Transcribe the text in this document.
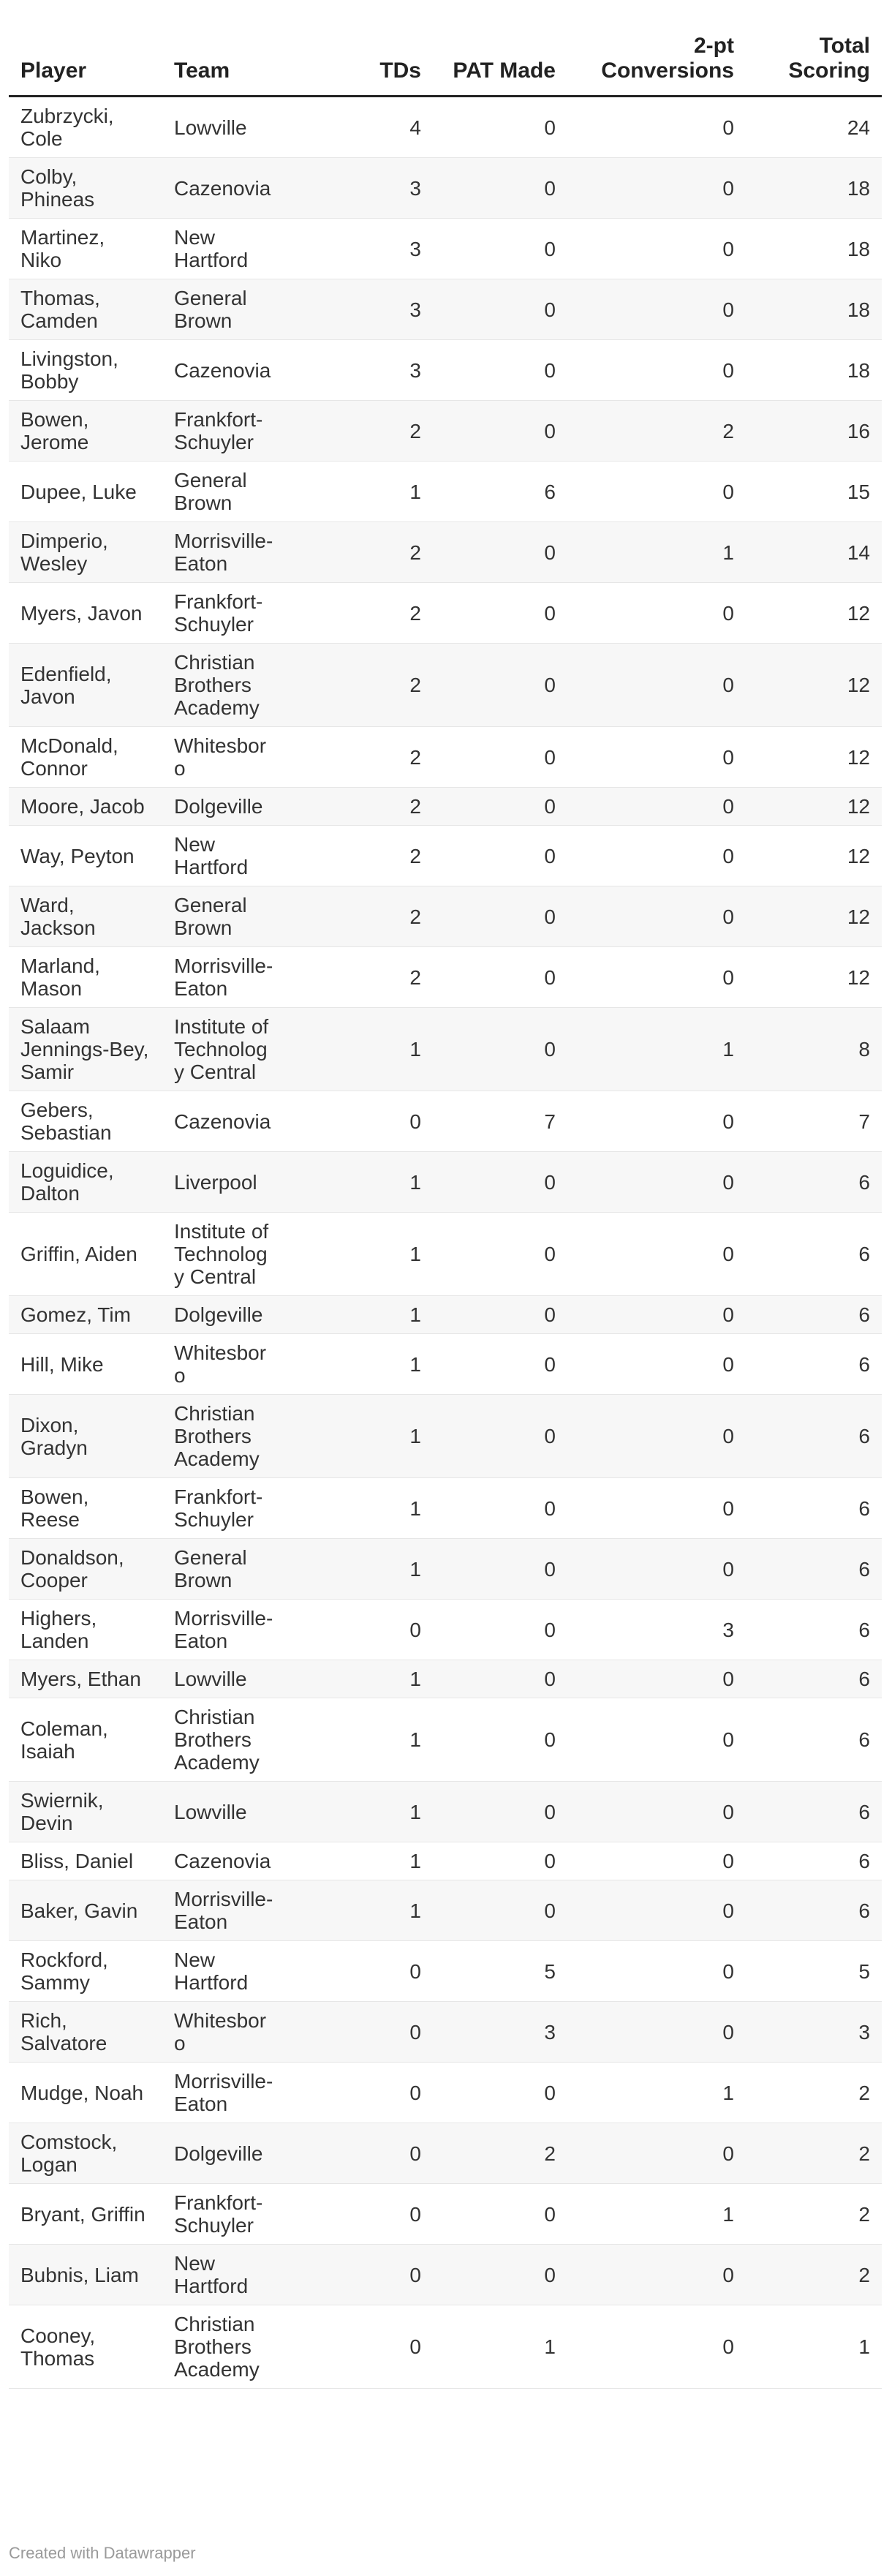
Player	Team	TDs	PAT Made	2-pt Conversions	Total Scoring
Zubrzycki, Cole	Lowville	4	0	0	24
Colby, Phineas	Cazenovia	3	0	0	18
Martinez, Niko	New Hartford	3	0	0	18
Thomas, Camden	General Brown	3	0	0	18
Livingston, Bobby	Cazenovia	3	0	0	18
Bowen, Jerome	Frankfort-Schuyler	2	0	2	16
Dupee, Luke	General Brown	1	6	0	15
Dimperio, Wesley	Morrisville-Eaton	2	0	1	14
Myers, Javon	Frankfort-Schuyler	2	0	0	12
Edenfield, Javon	Christian Brothers Academy	2	0	0	12
McDonald, Connor	Whitesboro	2	0	0	12
Moore, Jacob	Dolgeville	2	0	0	12
Way, Peyton	New Hartford	2	0	0	12
Ward, Jackson	General Brown	2	0	0	12
Marland, Mason	Morrisville-Eaton	2	0	0	12
Salaam Jennings-Bey, Samir	Institute of Technology Central	1	0	1	8
Gebers, Sebastian	Cazenovia	0	7	0	7
Loguidice, Dalton	Liverpool	1	0	0	6
Griffin, Aiden	Institute of Technology Central	1	0	0	6
Gomez, Tim	Dolgeville	1	0	0	6
Hill, Mike	Whitesboro	1	0	0	6
Dixon, Gradyn	Christian Brothers Academy	1	0	0	6
Bowen, Reese	Frankfort-Schuyler	1	0	0	6
Donaldson, Cooper	General Brown	1	0	0	6
Highers, Landen	Morrisville-Eaton	0	0	3	6
Myers, Ethan	Lowville	1	0	0	6
Coleman, Isaiah	Christian Brothers Academy	1	0	0	6
Swiernik, Devin	Lowville	1	0	0	6
Bliss, Daniel	Cazenovia	1	0	0	6
Baker, Gavin	Morrisville-Eaton	1	0	0	6
Rockford, Sammy	New Hartford	0	5	0	5
Rich, Salvatore	Whitesboro	0	3	0	3
Mudge, Noah	Morrisville-Eaton	0	0	1	2
Comstock, Logan	Dolgeville	0	2	0	2
Bryant, Griffin	Frankfort-Schuyler	0	0	1	2
Bubnis, Liam	New Hartford	0	0	0	2
Cooney, Thomas	Christian Brothers Academy	0	1	0	1
Created with Datawrapper
